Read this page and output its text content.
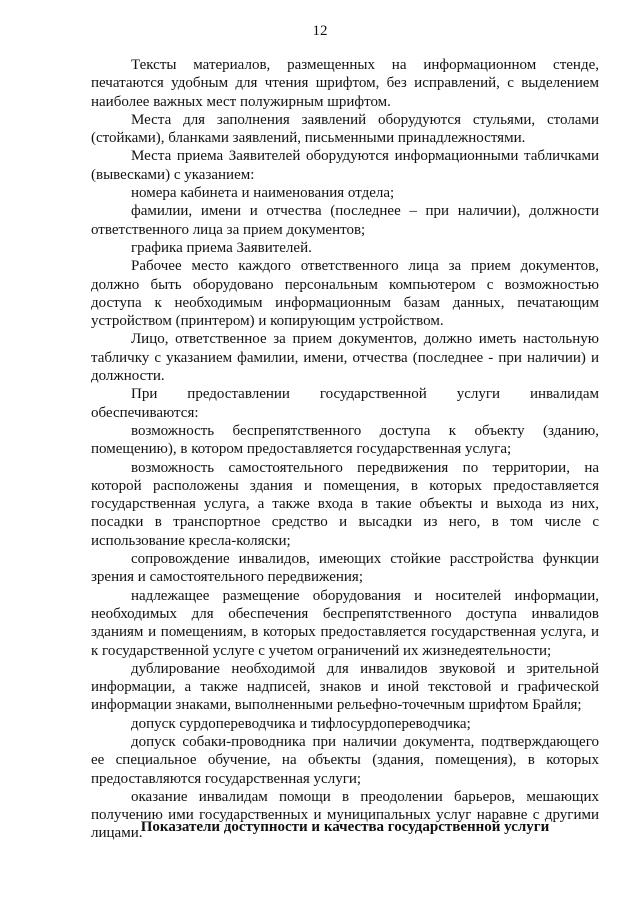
12

Тексты материалов, размещенных на информационном стенде, печатаются удобным для чтения шрифтом, без исправлений, с выделением наиболее важных мест полужирным шрифтом.

Места для заполнения заявлений оборудуются стульями, столами (стойками), бланками заявлений, письменными принадлежностями.

Места приема Заявителей оборудуются информационными табличками (вывесками) с указанием:

номера кабинета и наименования отдела;

фамилии, имени и отчества (последнее – при наличии), должности ответственного лица за прием документов;

графика приема Заявителей.

Рабочее место каждого ответственного лица за прием документов, должно быть оборудовано персональным компьютером с возможностью доступа к необходимым информационным базам данных, печатающим устройством (принтером) и копирующим устройством.

Лицо, ответственное за прием документов, должно иметь настольную табличку с указанием фамилии, имени, отчества (последнее - при наличии) и должности.

При предоставлении государственной услуги инвалидам обеспечиваются:

возможность беспрепятственного доступа к объекту (зданию, помещению), в котором предоставляется государственная услуга;

возможность самостоятельного передвижения по территории, на которой расположены здания и помещения, в которых предоставляется государственная услуга, а также входа в такие объекты и выхода из них, посадки в транспортное средство и высадки из него, в том числе с использование кресла-коляски;

сопровождение инвалидов, имеющих стойкие расстройства функции зрения и самостоятельного передвижения;

надлежащее размещение оборудования и носителей информации, необходимых для обеспечения беспрепятственного доступа инвалидов зданиям и помещениям, в которых предоставляется государственная услуга, и к государственной услуге с учетом ограничений их жизнедеятельности;

дублирование необходимой для инвалидов звуковой и зрительной информации, а также надписей, знаков и иной текстовой и графической информации знаками, выполненными рельефно-точечным шрифтом Брайля;

допуск сурдопереводчика и тифлосурдопереводчика;

допуск собаки-проводника при наличии документа, подтверждающего ее специальное обучение, на объекты (здания, помещения), в которых предоставляются государственная услуги;

оказание инвалидам помощи в преодолении барьеров, мешающих получению ими государственных и муниципальных услуг наравне с другими лицами.

Показатели доступности и качества государственной услуги
